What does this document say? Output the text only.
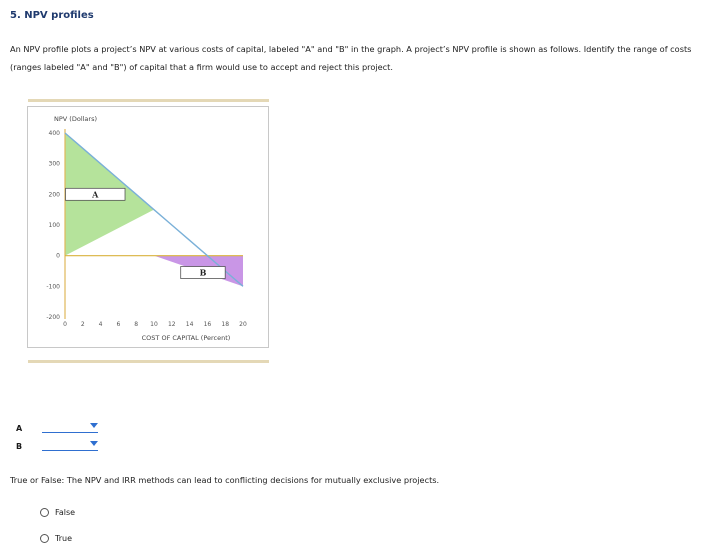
5. NPV profiles
An NPV profile plots a project’s NPV at various costs of capital, labeled "A" and "B" in the graph. A project’s NPV profile is shown as follows. Identify the range of costs (ranges labeled "A" and "B") of capital that a firm would use to accept and reject this project.
400
300
200
100
0
-100
-200
0 2 4 6 8 10 12 14 16 18 20
NPV (Dollars)
COST OF CAPITAL (Percent)
A
B
A
B
True or False: The NPV and IRR methods can lead to conflicting decisions for mutually exclusive projects.
False
True
